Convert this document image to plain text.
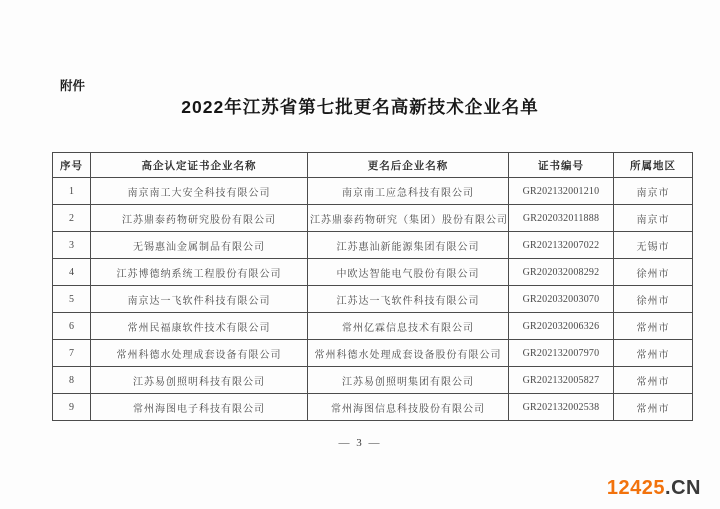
附件
2022年江苏省第七批更名高新技术企业名单
序号	高企认定证书企业名称	更名后企业名称	证书编号	所属地区
1	南京南工大安全科技有限公司	南京南工应急科技有限公司	GR202132001210	南京市
2	江苏鼎泰药物研究股份有限公司	江苏鼎泰药物研究（集团）股份有限公司	GR202032011888	南京市
3	无锡惠汕金属制品有限公司	江苏惠汕新能源集团有限公司	GR202132007022	无锡市
4	江苏博德纳系统工程股份有限公司	中欧达智能电气股份有限公司	GR202032008292	徐州市
5	南京达一飞软件科技有限公司	江苏达一飞软件科技有限公司	GR202032003070	徐州市
6	常州民福康软件技术有限公司	常州亿霖信息技术有限公司	GR202032006326	常州市
7	常州科德水处理成套设备有限公司	常州科德水处理成套设备股份有限公司	GR202132007970	常州市
8	江苏易创照明科技有限公司	江苏易创照明集团有限公司	GR202132005827	常州市
9	常州海图电子科技有限公司	常州海图信息科技股份有限公司	GR202132002538	常州市
— 3 —
12425.CN
